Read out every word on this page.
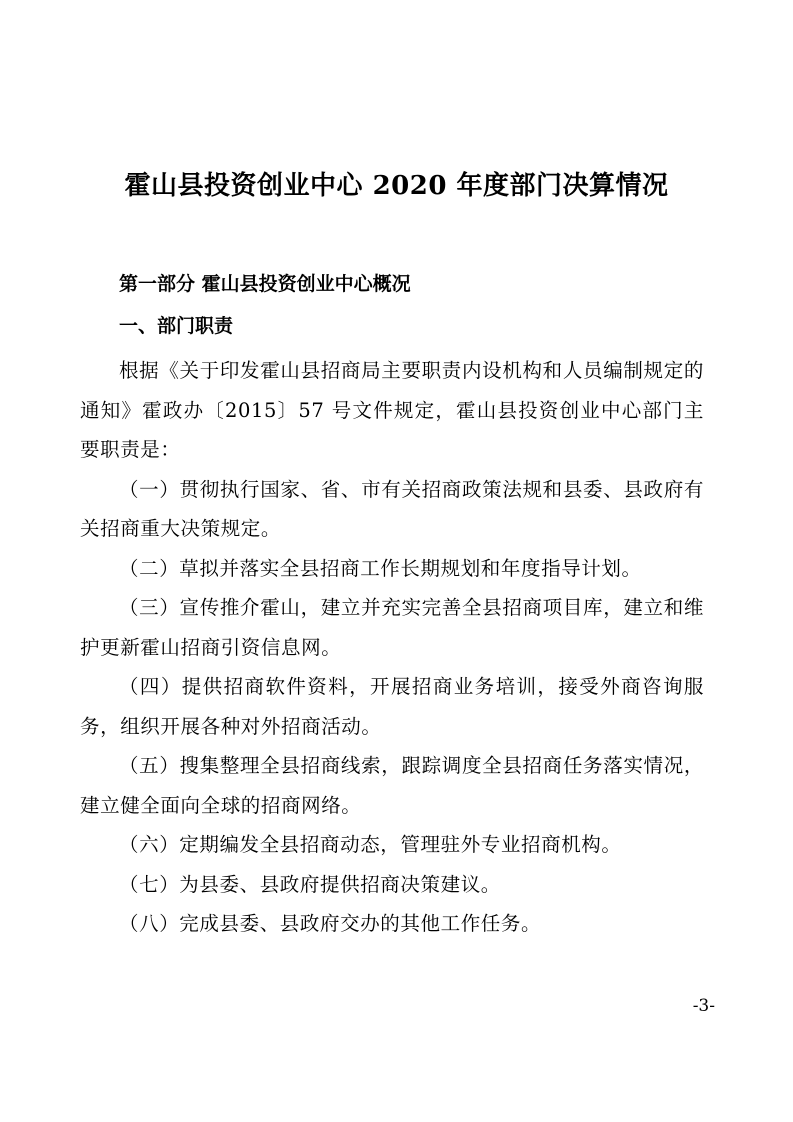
霍山县投资创业中心 2020 年度部门决算情况
第一部分 霍山县投资创业中心概况
一、部门职责

根据《关于印发霍山县招商局主要职责内设机构和人员编制规定的通知》霍政办〔2015〕57 号文件规定，霍山县投资创业中心部门主要职责是：

（一）贯彻执行国家、省、市有关招商政策法规和县委、县政府有关招商重大决策规定。

（二）草拟并落实全县招商工作长期规划和年度指导计划。

（三）宣传推介霍山，建立并充实完善全县招商项目库，建立和维护更新霍山招商引资信息网。

（四）提供招商软件资料，开展招商业务培训，接受外商咨询服务，组织开展各种对外招商活动。

（五）搜集整理全县招商线索，跟踪调度全县招商任务落实情况，建立健全面向全球的招商网络。

（六）定期编发全县招商动态，管理驻外专业招商机构。

（七）为县委、县政府提供招商决策建议。

（八）完成县委、县政府交办的其他工作任务。

-3-
